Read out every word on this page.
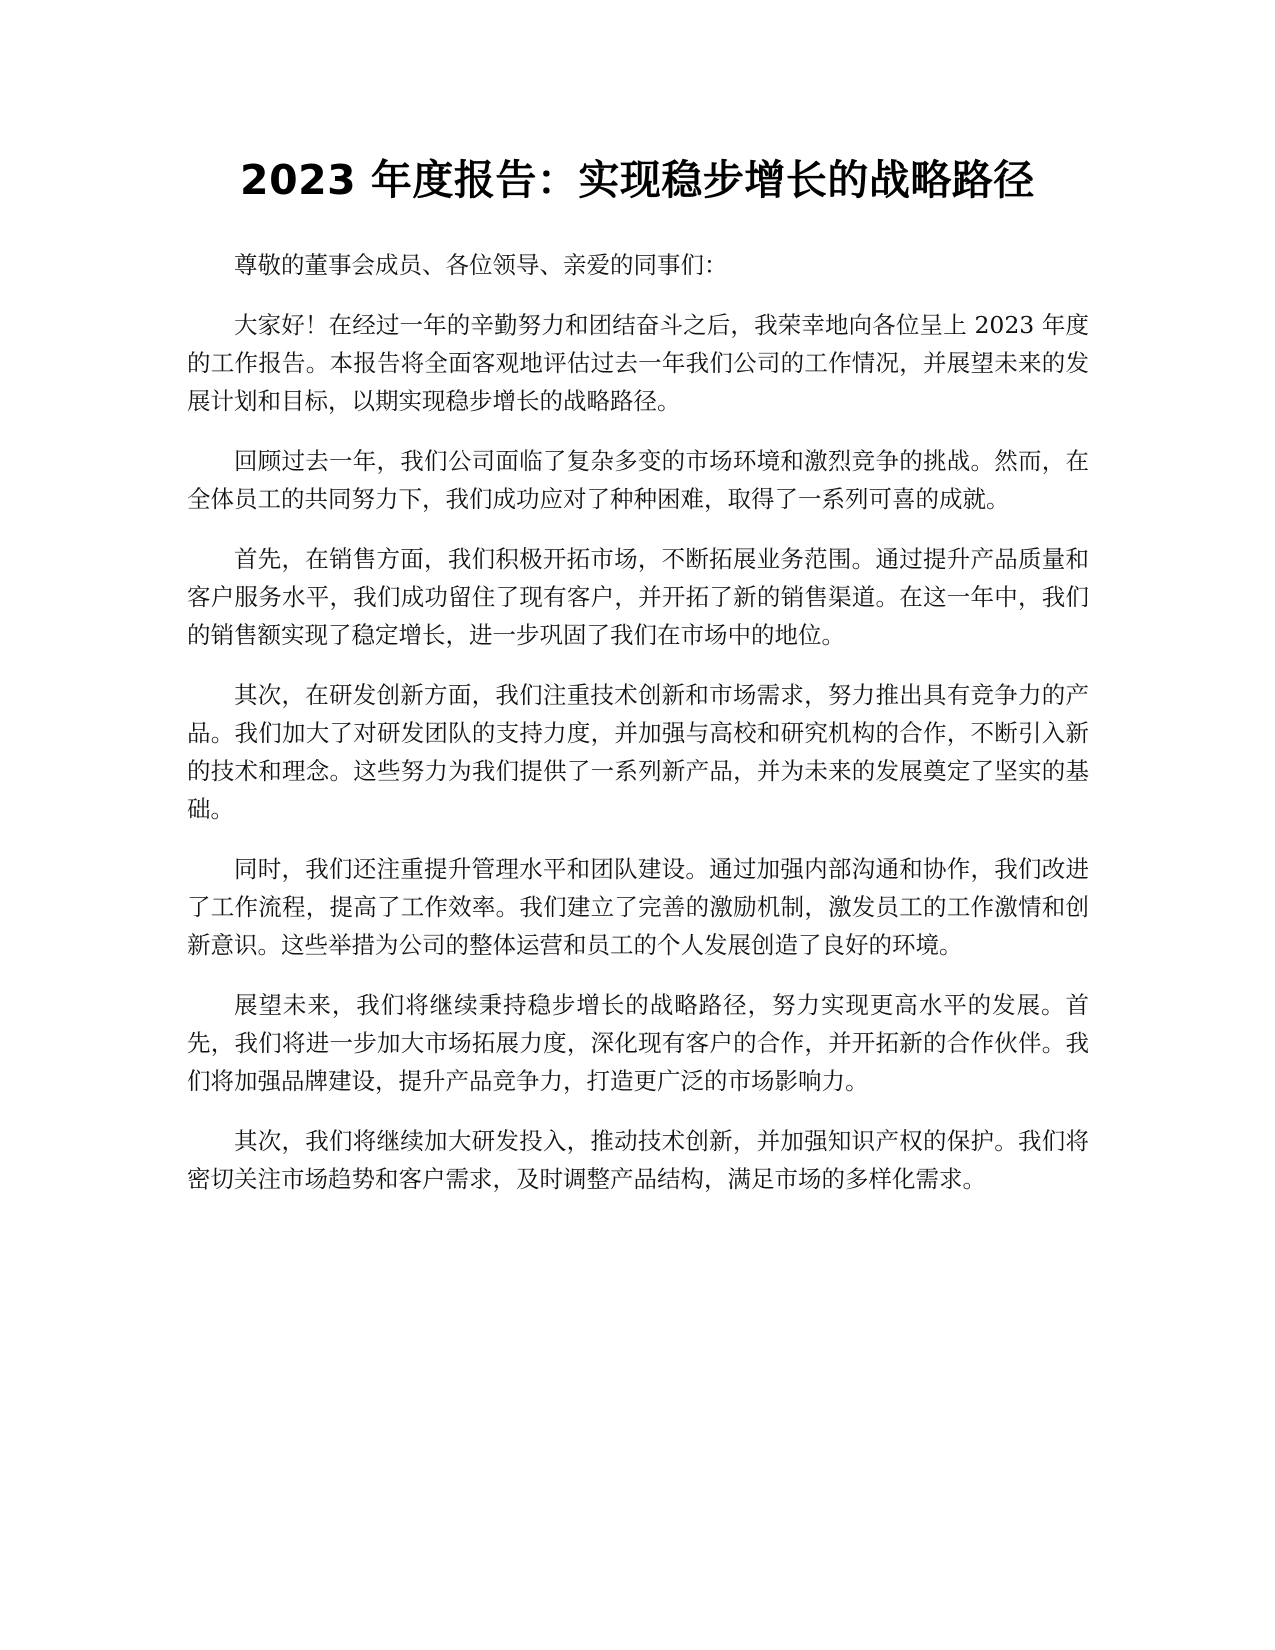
2023 年度报告：实现稳步增长的战略路径

尊敬的董事会成员、各位领导、亲爱的同事们：

大家好！在经过一年的辛勤努力和团结奋斗之后，我荣幸地向各位呈上 2023 年度的工作报告。本报告将全面客观地评估过去一年我们公司的工作情况，并展望未来的发展计划和目标，以期实现稳步增长的战略路径。

回顾过去一年，我们公司面临了复杂多变的市场环境和激烈竞争的挑战。然而，在全体员工的共同努力下，我们成功应对了种种困难，取得了一系列可喜的成就。

首先，在销售方面，我们积极开拓市场，不断拓展业务范围。通过提升产品质量和客户服务水平，我们成功留住了现有客户，并开拓了新的销售渠道。在这一年中，我们的销售额实现了稳定增长，进一步巩固了我们在市场中的地位。

其次，在研发创新方面，我们注重技术创新和市场需求，努力推出具有竞争力的产品。我们加大了对研发团队的支持力度，并加强与高校和研究机构的合作，不断引入新的技术和理念。这些努力为我们提供了一系列新产品，并为未来的发展奠定了坚实的基础。

同时，我们还注重提升管理水平和团队建设。通过加强内部沟通和协作，我们改进了工作流程，提高了工作效率。我们建立了完善的激励机制，激发员工的工作激情和创新意识。这些举措为公司的整体运营和员工的个人发展创造了良好的环境。

展望未来，我们将继续秉持稳步增长的战略路径，努力实现更高水平的发展。首先，我们将进一步加大市场拓展力度，深化现有客户的合作，并开拓新的合作伙伴。我们将加强品牌建设，提升产品竞争力，打造更广泛的市场影响力。

其次，我们将继续加大研发投入，推动技术创新，并加强知识产权的保护。我们将密切关注市场趋势和客户需求，及时调整产品结构，满足市场的多样化需求。
